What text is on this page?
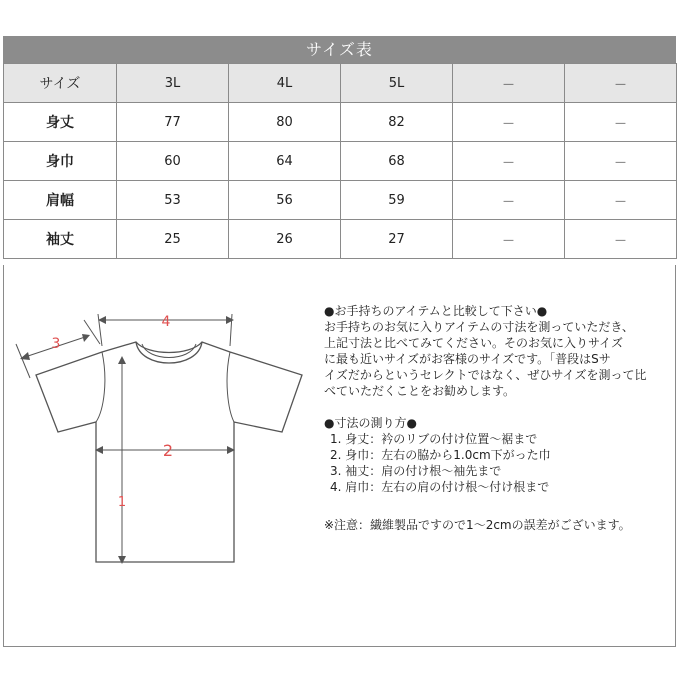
サイズ表
サイズ	3L	4L	5L	－	－
身丈	77	80	82	－	－
身巾	60	64	68	－	－
肩幅	53	56	59	－	－
袖丈	25	26	27	－	－
4
3
2
1
●お手持ちのアイテムと比較して下さい●
お手持ちのお気に入りアイテムの寸法を測っていただき、
上記寸法と比べてみてください。そのお気に入りサイズ
に最も近いサイズがお客様のサイズです。「普段はSサ
イズだからというセレクトではなく、ぜひサイズを測って比
べていただくことをお勧めします。
●寸法の測り方●
1. 身丈：衿のリブの付け位置～裾まで
2. 身巾：左右の脇から1.0cm下がった巾
3. 袖丈：肩の付け根～袖先まで
4. 肩巾：左右の肩の付け根～付け根まで
※注意：繊維製品ですので1～2cmの誤差がございます。
